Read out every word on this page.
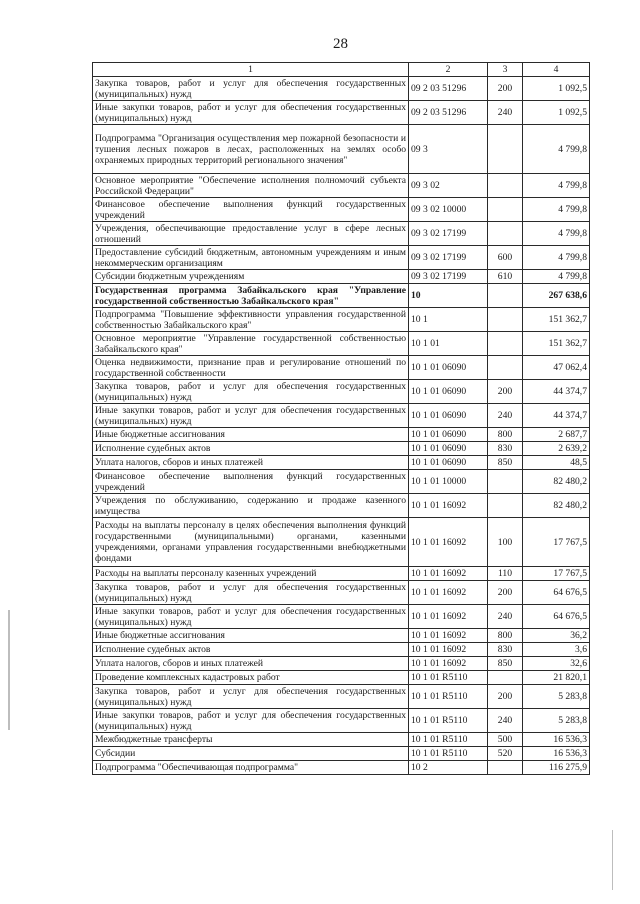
28
1	2	3	4
Закупка товаров, работ и услуг для обеспечения государственных (муниципальных) нужд	09 2 03 51296	200	1 092,5
Иные закупки товаров, работ и услуг для обеспечения государственных (муниципальных) нужд	09 2 03 51296	240	1 092,5
Подпрограмма "Организация осуществления мер пожарной безопасности и тушения лесных пожаров в лесах, расположенных на землях особо охраняемых природных территорий регионального значения"	09 3		4 799,8
Основное мероприятие "Обеспечение исполнения полномочий субъекта Российской Федерации"	09 3 02		4 799,8
Финансовое обеспечение выполнения функций государственных учреждений	09 3 02 10000		4 799,8
Учреждения, обеспечивающие предоставление услуг в сфере лесных отношений	09 3 02 17199		4 799,8
Предоставление субсидий бюджетным, автономным учреждениям и иным некоммерческим организациям	09 3 02 17199	600	4 799,8
Субсидии бюджетным учреждениям	09 3 02 17199	610	4 799,8
Государственная программа Забайкальского края "Управление государственной собственностью Забайкальского края"	10		267 638,6
Подпрограмма "Повышение эффективности управления государственной собственностью Забайкальского края"	10 1		151 362,7
Основное мероприятие "Управление государственной собственностью Забайкальского края"	10 1 01		151 362,7
Оценка недвижимости, признание прав и регулирование отношений по государственной собственности	10 1 01 06090		47 062,4
Закупка товаров, работ и услуг для обеспечения государственных (муниципальных) нужд	10 1 01 06090	200	44 374,7
Иные закупки товаров, работ и услуг для обеспечения государственных (муниципальных) нужд	10 1 01 06090	240	44 374,7
Иные бюджетные ассигнования	10 1 01 06090	800	2 687,7
Исполнение судебных актов	10 1 01 06090	830	2 639,2
Уплата налогов, сборов и иных платежей	10 1 01 06090	850	48,5
Финансовое обеспечение выполнения функций государственных учреждений	10 1 01 10000		82 480,2
Учреждения по обслуживанию, содержанию и продаже казенного имущества	10 1 01 16092		82 480,2
Расходы на выплаты персоналу в целях обеспечения выполнения функций государственными (муниципальными) органами, казенными учреждениями, органами управления государственными внебюджетными фондами	10 1 01 16092	100	17 767,5
Расходы на выплаты персоналу казенных учреждений	10 1 01 16092	110	17 767,5
Закупка товаров, работ и услуг для обеспечения государственных (муниципальных) нужд	10 1 01 16092	200	64 676,5
Иные закупки товаров, работ и услуг для обеспечения государственных (муниципальных) нужд	10 1 01 16092	240	64 676,5
Иные бюджетные ассигнования	10 1 01 16092	800	36,2
Исполнение судебных актов	10 1 01 16092	830	3,6
Уплата налогов, сборов и иных платежей	10 1 01 16092	850	32,6
Проведение комплексных кадастровых работ	10 1 01 R5110		21 820,1
Закупка товаров, работ и услуг для обеспечения государственных (муниципальных) нужд	10 1 01 R5110	200	5 283,8
Иные закупки товаров, работ и услуг для обеспечения государственных (муниципальных) нужд	10 1 01 R5110	240	5 283,8
Межбюджетные трансферты	10 1 01 R5110	500	16 536,3
Субсидии	10 1 01 R5110	520	16 536,3
Подпрограмма "Обеспечивающая подпрограмма"	10 2		116 275,9
